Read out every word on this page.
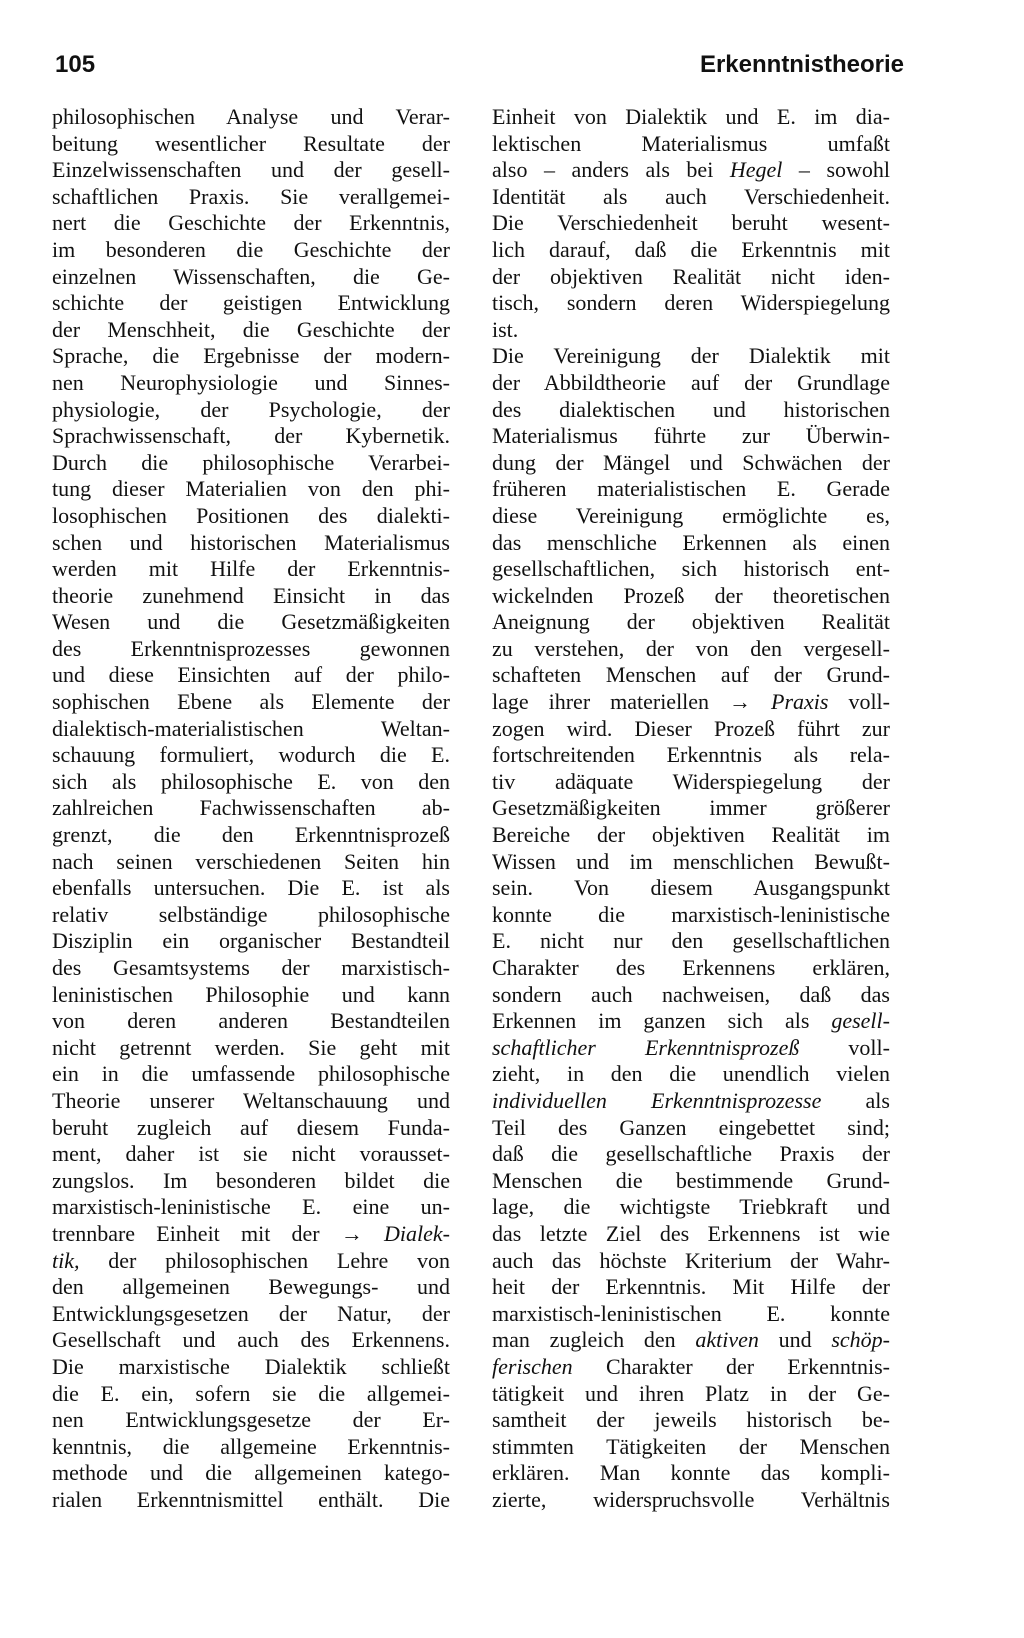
105	Erkenntnistheorie
philosophischen Analyse und Verar-
beitung wesentlicher Resultate der
Einzelwissenschaften und der gesell-
schaftlichen Praxis. Sie verallgemei-
nert die Geschichte der Erkenntnis,
im besonderen die Geschichte der
einzelnen Wissenschaften, die Ge-
schichte der geistigen Entwicklung
der Menschheit, die Geschichte der
Sprache, die Ergebnisse der modern-
nen Neurophysiologie und Sinnes-
physiologie, der Psychologie, der
Sprachwissenschaft, der Kybernetik.
Durch die philosophische Verarbei-
tung dieser Materialien von den phi-
losophischen Positionen des dialekti-
schen und historischen Materialismus
werden mit Hilfe der Erkenntnis-
theorie zunehmend Einsicht in das
Wesen und die Gesetzmäßigkeiten
des Erkenntnisprozesses gewonnen
und diese Einsichten auf der philo-
sophischen Ebene als Elemente der
dialektisch-materialistischen Weltan-
schauung formuliert, wodurch die E.
sich als philosophische E. von den
zahlreichen Fachwissenschaften ab-
grenzt, die den Erkenntnisprozeß
nach seinen verschiedenen Seiten hin
ebenfalls untersuchen. Die E. ist als
relativ selbständige philosophische
Disziplin ein organischer Bestandteil
des Gesamtsystems der marxistisch-
leninistischen Philosophie und kann
von deren anderen Bestandteilen
nicht getrennt werden. Sie geht mit
ein in die umfassende philosophische
Theorie unserer Weltanschauung und
beruht zugleich auf diesem Funda-
ment, daher ist sie nicht vorausset-
zungslos. Im besonderen bildet die
marxistisch-leninistische E. eine un-
trennbare Einheit mit der → Dialek-
tik, der philosophischen Lehre von
den allgemeinen Bewegungs- und
Entwicklungsgesetzen der Natur, der
Gesellschaft und auch des Erkennens.
Die marxistische Dialektik schließt
die E. ein, sofern sie die allgemei-
nen Entwicklungsgesetze der Er-
kenntnis, die allgemeine Erkenntnis-
methode und die allgemeinen katego-
rialen Erkenntnismittel enthält. Die
Einheit von Dialektik und E. im dia-
lektischen Materialismus umfaßt
also – anders als bei Hegel – sowohl
Identität als auch Verschiedenheit.
Die Verschiedenheit beruht wesent-
lich darauf, daß die Erkenntnis mit
der objektiven Realität nicht iden-
tisch, sondern deren Widerspiegelung
ist.
Die Vereinigung der Dialektik mit
der Abbildtheorie auf der Grundlage
des dialektischen und historischen
Materialismus führte zur Überwin-
dung der Mängel und Schwächen der
früheren materialistischen E. Gerade
diese Vereinigung ermöglichte es,
das menschliche Erkennen als einen
gesellschaftlichen, sich historisch ent-
wickelnden Prozeß der theoretischen
Aneignung der objektiven Realität
zu verstehen, der von den vergesell-
schafteten Menschen auf der Grund-
lage ihrer materiellen → Praxis voll-
zogen wird. Dieser Prozeß führt zur
fortschreitenden Erkenntnis als rela-
tiv adäquate Widerspiegelung der
Gesetzmäßigkeiten immer größerer
Bereiche der objektiven Realität im
Wissen und im menschlichen Bewußt-
sein. Von diesem Ausgangspunkt
konnte die marxistisch-leninistische
E. nicht nur den gesellschaftlichen
Charakter des Erkennens erklären,
sondern auch nachweisen, daß das
Erkennen im ganzen sich als gesell-
schaftlicher Erkenntnisprozeß voll-
zieht, in den die unendlich vielen
individuellen Erkenntnisprozesse als
Teil des Ganzen eingebettet sind;
daß die gesellschaftliche Praxis der
Menschen die bestimmende Grund-
lage, die wichtigste Triebkraft und
das letzte Ziel des Erkennens ist wie
auch das höchste Kriterium der Wahr-
heit der Erkenntnis. Mit Hilfe der
marxistisch-leninistischen E. konnte
man zugleich den aktiven und schöp-
ferischen Charakter der Erkenntnis-
tätigkeit und ihren Platz in der Ge-
samtheit der jeweils historisch be-
stimmten Tätigkeiten der Menschen
erklären. Man konnte das kompli-
zierte, widerspruchsvolle Verhältnis
